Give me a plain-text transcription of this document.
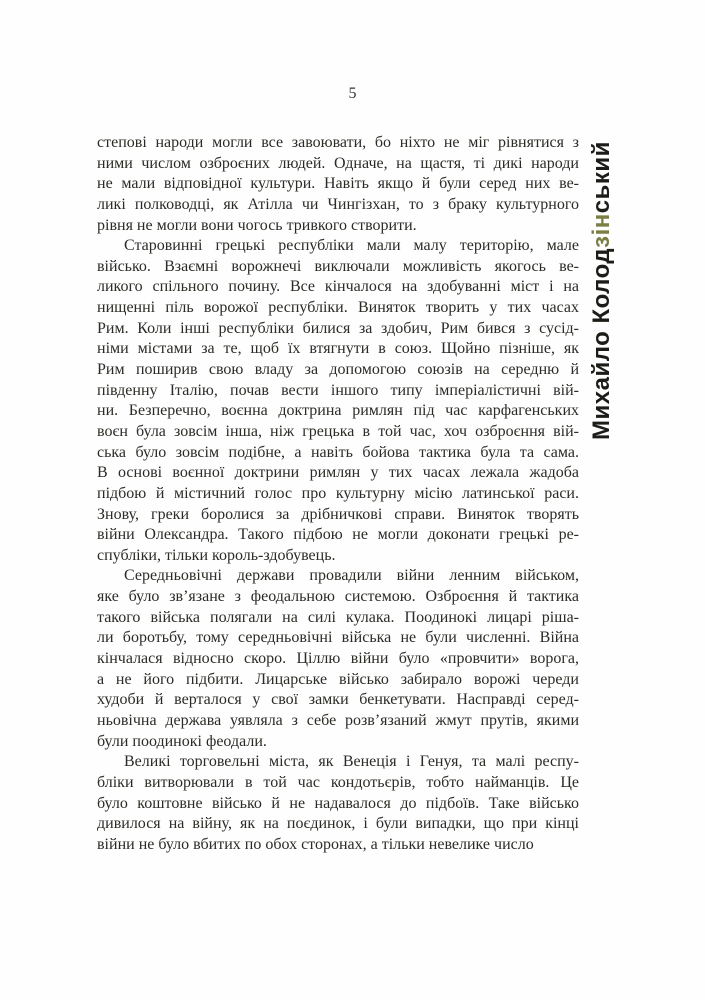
5
Михайло Колодзінський
степові народи могли все завоювати, бо ніхто не міг рівнятися з
ними числом озброєних людей. Одначе, на щастя, ті дикі народи
не мали відповідної культури. Навіть якщо й були серед них ве-
ликі полководці, як Атілла чи Чингізхан, то з браку культурного
рівня не могли вони чогось тривкого створити.
Старовинні грецькі республіки мали малу територію, мале
військо. Взаємні ворожнечі виключали можливість якогось ве-
ликого спільного почину. Все кінчалося на здобуванні міст і на
нищенні піль ворожої республіки. Виняток творить у тих часах
Рим. Коли інші республіки билися за здобич, Рим бився з сусід-
німи містами за те, щоб їх втягнути в союз. Щойно пізніше, як
Рим поширив свою владу за допомогою союзів на середню й
південну Італію, почав вести іншого типу імперіалістичні вій-
ни. Безперечно, воєнна доктрина римлян під час карфагенських
воєн була зовсім інша, ніж грецька в той час, хоч озброєння вій-
ська було зовсім подібне, а навіть бойова тактика була та сама.
В основі воєнної доктрини римлян у тих часах лежала жадоба
підбою й містичний голос про культурну місію латинської раси.
Знову, греки боролися за дрібничкові справи. Виняток творять
війни Олександра. Такого підбою не могли доконати грецькі ре-
спубліки, тільки король-здобувець.
Середньовічні держави провадили війни ленним військом,
яке було зв’язане з феодальною системою. Озброєння й тактика
такого війська полягали на силі кулака. Поодинокі лицарі ріша-
ли боротьбу, тому середньовічні війська не були численні. Війна
кінчалася відносно скоро. Ціллю війни було «провчити» ворога,
а не його підбити. Лицарське військо забирало ворожі череди
худоби й верталося у свої замки бенкетувати. Насправді серед-
ньовічна держава уявляла з себе розв’язаний жмут прутів, якими
були поодинокі феодали.
Великі торговельні міста, як Венеція і Генуя, та малі респу-
бліки витворювали в той час кондотьєрів, тобто найманців. Це
було коштовне військо й не надавалося до підбоїв. Таке військо
дивилося на війну, як на поєдинок, і були випадки, що при кінці
війни не було вбитих по обох сторонах, а тільки невелике число
